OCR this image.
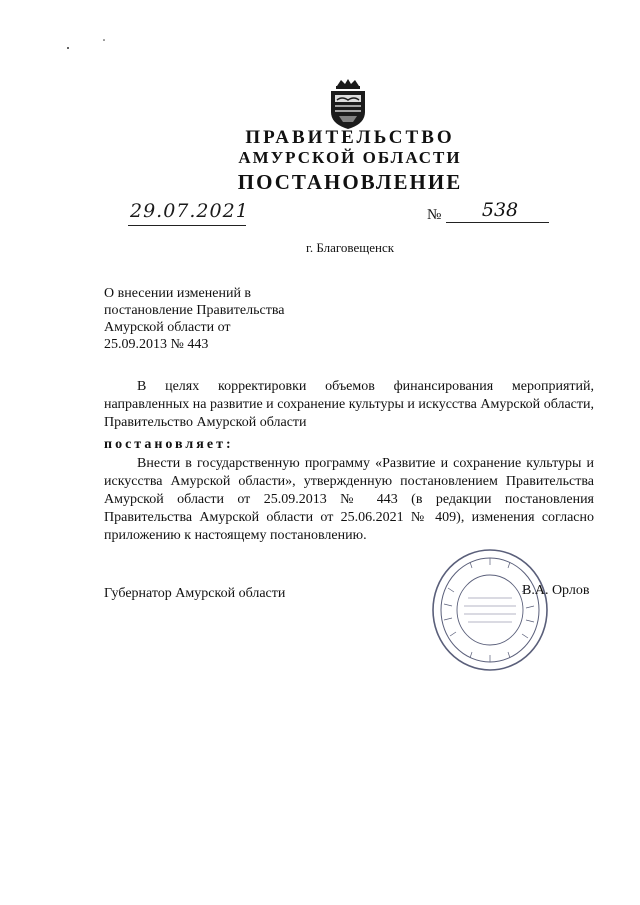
ПРАВИТЕЛЬСТВО
АМУРСКОЙ ОБЛАСТИ
ПОСТАНОВЛЕНИЕ
29.07.2021	№	538
г. Благовещенск
О внесении изменений в
постановление Правительства
Амурской области от
25.09.2013 № 443
В целях корректировки объемов финансирования мероприятий, направленных на развитие и сохранение культуры и искусства Амурской области, Правительство Амурской области
постановляет:
Внести в государственную программу «Развитие и сохранение культуры и искусства Амурской области», утвержденную постановлением Правительства Амурской области от 25.09.2013 № 443 (в редакции постановления Правительства Амурской области от 25.06.2021 № 409), изменения согласно приложению к настоящему постановлению.
Губернатор Амурской области	В.А. Орлов
